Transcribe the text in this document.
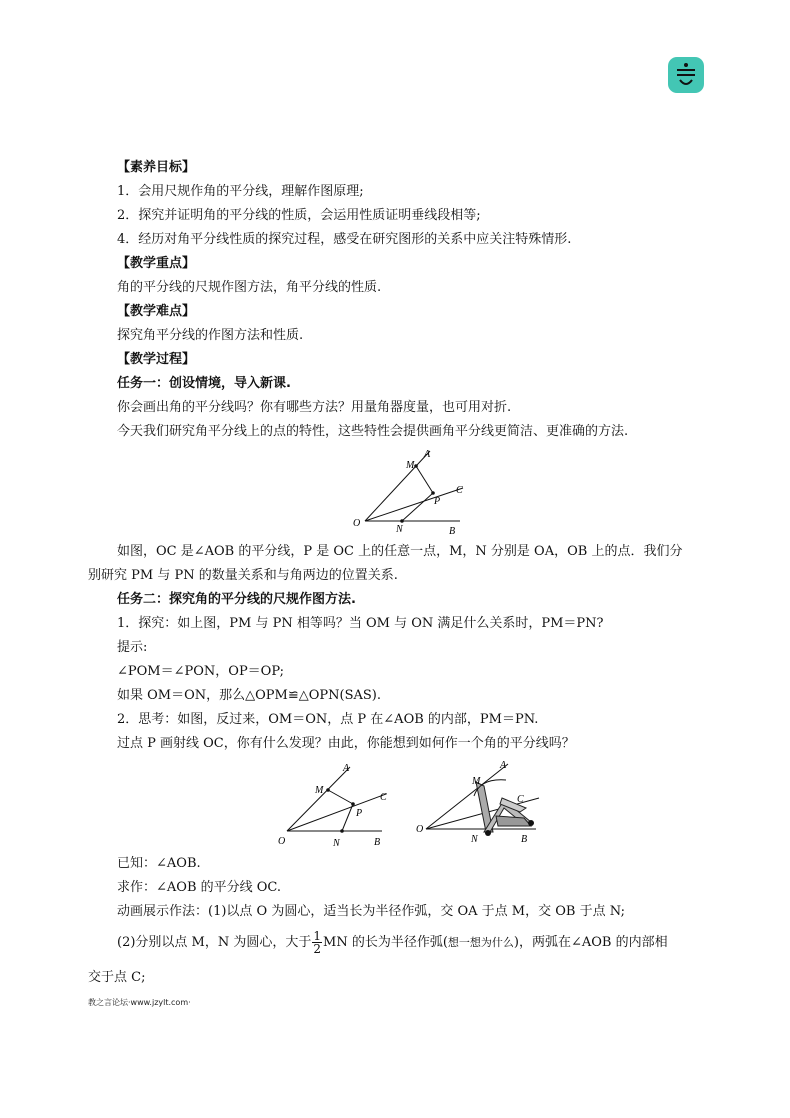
【素养目标】
1．会用尺规作角的平分线，理解作图原理;
2．探究并证明角的平分线的性质，会运用性质证明垂线段相等;
4．经历对角平分线性质的探究过程，感受在研究图形的关系中应关注特殊情形.
【教学重点】
角的平分线的尺规作图方法，角平分线的性质.
【教学难点】
探究角平分线的作图方法和性质.
【教学过程】
任务一：创设情境，导入新课.
你会画出角的平分线吗？你有哪些方法？用量角器度量，也可用对折.
今天我们研究角平分线上的点的特性，这些特性会提供画角平分线更简洁、更准确的方法.
A
M
C
P
O
N	B
如图，OC 是∠AOB 的平分线，P 是 OC 上的任意一点，M，N 分别是 OA，OB 上的点．我们分
别研究 PM 与 PN 的数量关系和与角两边的位置关系.
任务二：探究角的平分线的尺规作图方法.
1．探究：如上图，PM 与 PN 相等吗？当 OM 与 ON 满足什么关系时，PM＝PN?
提示:
∠POM＝∠PON，OP＝OP;
如果 OM＝ON，那么△OPM≌△OPN(SAS).
2．思考：如图，反过来，OM＝ON，点 P 在∠AOB 的内部，PM＝PN.
过点 P 画射线 OC，你有什么发现？由此，你能想到如何作一个角的平分线吗？
A
M
C
P
O	N	B
A
M
C
O
N	B
已知：∠AOB.
求作：∠AOB 的平分线 OC.
动画展示作法：(1)以点 O 为圆心，适当长为半径作弧，交 OA 于点 M，交 OB 于点 N;
(2)分别以点 M，N 为圆心，大于 $\frac{1}{2}$ MN 的长为半径作弧(想一想为什么)，两弧在∠AOB 的内部相
交于点 C;
教之言论坛·www.jzylt.com·
